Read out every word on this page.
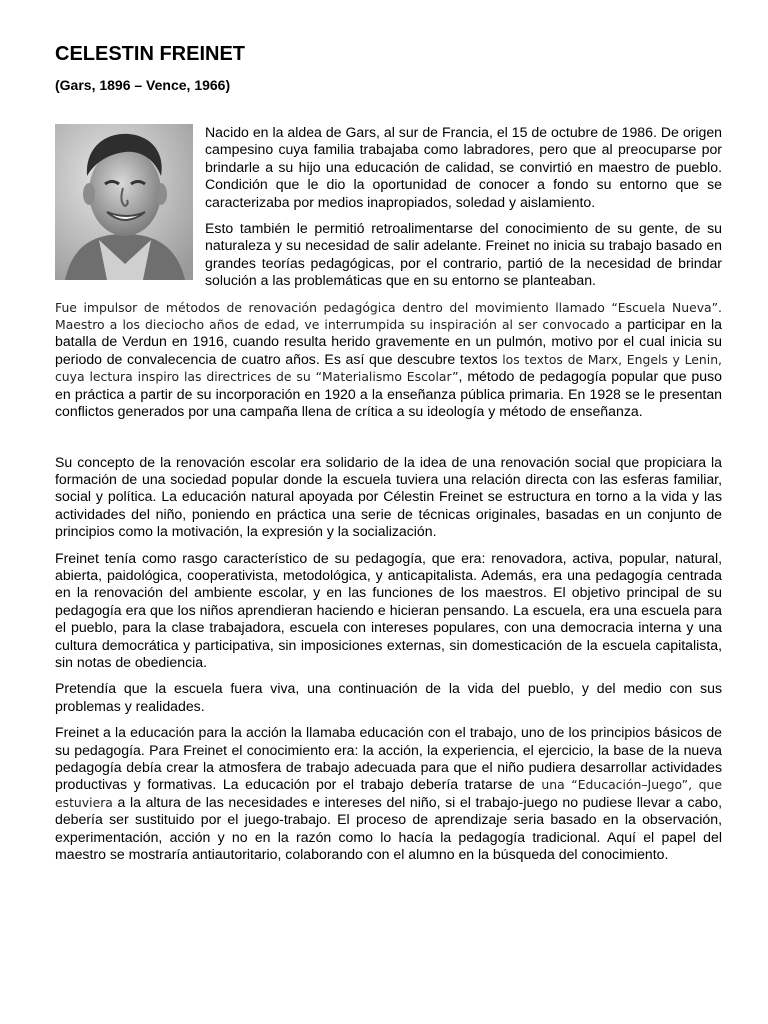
CELESTIN FREINET
(Gars, 1896 – Vence, 1966)

Nacido en la aldea de Gars, al sur de Francia, el 15 de octubre de 1986. De origen campesino cuya familia trabajaba como labradores, pero que al preocuparse por brindarle a su hijo una educación de calidad, se convirtió en maestro de pueblo. Condición que le dio la oportunidad de conocer a fondo su entorno que se caracterizaba por medios inapropiados, soledad y aislamiento.

Esto también le permitió retroalimentarse del conocimiento de su gente, de su naturaleza y su necesidad de salir adelante. Freinet no inicia su trabajo basado en grandes teorías pedagógicas, por el contrario, partió de la necesidad de brindar solución a las problemáticas que en su entorno se planteaban.

Fue impulsor de métodos de renovación pedagógica dentro del movimiento llamado “Escuela Nueva”. Maestro a los dieciocho años de edad, ve interrumpida su inspiración al ser convocado a participar en la batalla de Verdun en 1916, cuando resulta herido gravemente en un pulmón, motivo por el cual inicia su periodo de convalecencia de cuatro años. Es así que descubre textos los textos de Marx, Engels y Lenin, cuya lectura inspiro las directrices de su “Materialismo Escolar”, método de pedagogía popular que puso en práctica a partir de su incorporación en 1920 a la enseñanza pública primaria. En 1928 se le presentan conflictos generados por una campaña llena de crítica a su ideología y método de enseñanza.

Su concepto de la renovación escolar era solidario de la idea de una renovación social que propiciara la formación de una sociedad popular donde la escuela tuviera una relación directa con las esferas familiar, social y política. La educación natural apoyada por Célestin Freinet se estructura en torno a la vida y las actividades del niño, poniendo en práctica una serie de técnicas originales, basadas en un conjunto de principios como la motivación, la expresión y la socialización.

Freinet tenía como rasgo característico de su pedagogía, que era: renovadora, activa, popular, natural, abierta, paidológica, cooperativista, metodológica, y anticapitalista. Además, era una pedagogía centrada en la renovación del ambiente escolar, y en las funciones de los maestros. El objetivo principal de su pedagogía era que los niños aprendieran haciendo e hicieran pensando. La escuela, era una escuela para el pueblo, para la clase trabajadora, escuela con intereses populares, con una democracia interna y una cultura democrática y participativa, sin imposiciones externas, sin domesticación de la escuela capitalista, sin notas de obediencia.

Pretendía que la escuela fuera viva, una continuación de la vida del pueblo, y del medio con sus problemas y realidades.

Freinet a la educación para la acción la llamaba educación con el trabajo, uno de los principios básicos de su pedagogía. Para Freinet el conocimiento era: la acción, la experiencia, el ejercicio, la base de la nueva pedagogía debía crear la atmosfera de trabajo adecuada para que el niño pudiera desarrollar actividades productivas y formativas. La educación por el trabajo debería tratarse de una “Educación–Juego”, que estuviera a la altura de las necesidades e intereses del niño, si el trabajo-juego no pudiese llevar a cabo, debería ser sustituido por el juego-trabajo. El proceso de aprendizaje seria basado en la observación, experimentación, acción y no en la razón como lo hacía la pedagogía tradicional. Aquí el papel del maestro se mostraría antiautoritario, colaborando con el alumno en la búsqueda del conocimiento.
